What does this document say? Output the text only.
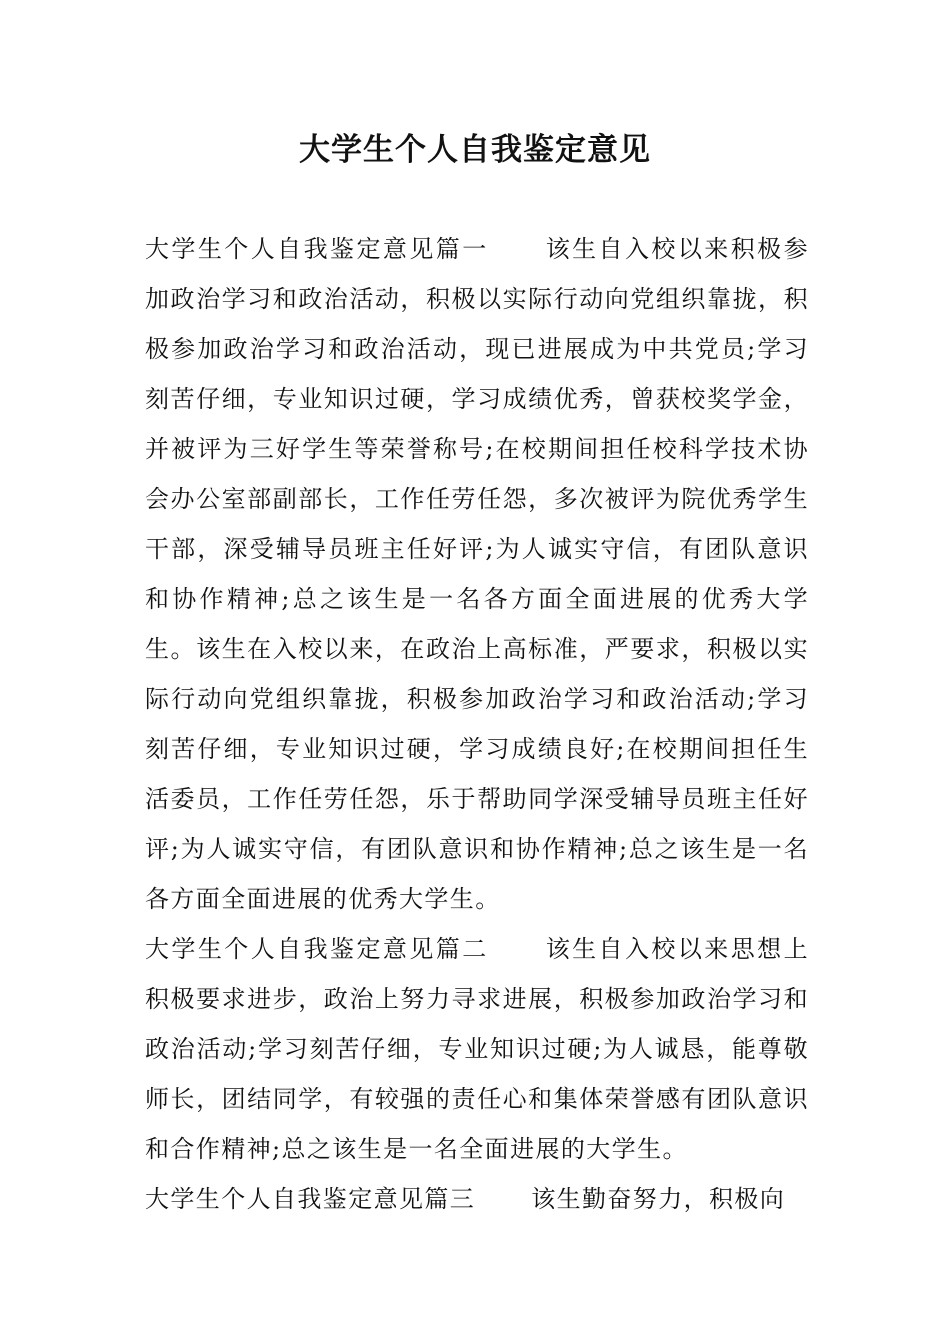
大学生个人自我鉴定意见

大学生个人自我鉴定意见篇一 该生自入校以来积极参加政治学习和政治活动，积极以实际行动向党组织靠拢，积极参加政治学习和政治活动，现已进展成为中共党员;学习刻苦仔细，专业知识过硬，学习成绩优秀，曾获校奖学金，并被评为三好学生等荣誉称号;在校期间担任校科学技术协会办公室部副部长，工作任劳任怨，多次被评为院优秀学生干部，深受辅导员班主任好评;为人诚实守信，有团队意识和协作精神;总之该生是一名各方面全面进展的优秀大学生。该生在入校以来，在政治上高标准，严要求，积极以实际行动向党组织靠拢，积极参加政治学习和政治活动;学习刻苦仔细，专业知识过硬，学习成绩良好;在校期间担任生活委员，工作任劳任怨，乐于帮助同学深受辅导员班主任好评;为人诚实守信，有团队意识和协作精神;总之该生是一名各方面全面进展的优秀大学生。

大学生个人自我鉴定意见篇二 该生自入校以来思想上积极要求进步，政治上努力寻求进展，积极参加政治学习和政治活动;学习刻苦仔细，专业知识过硬;为人诚恳，能尊敬师长，团结同学，有较强的责任心和集体荣誉感有团队意识和合作精神;总之该生是一名全面进展的大学生。

大学生个人自我鉴定意见篇三 该生勤奋努力，积极向
